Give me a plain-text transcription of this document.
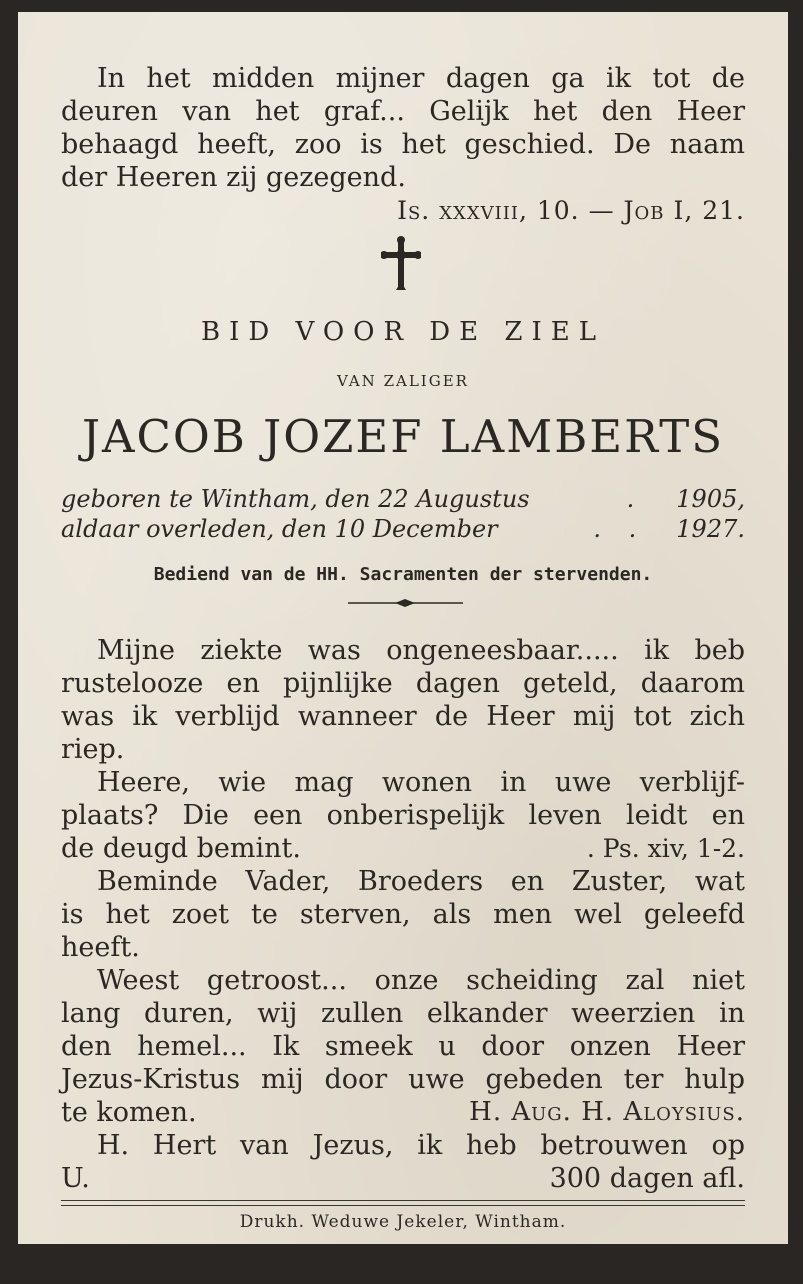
In het midden mijner dagen ga ik tot de

deuren van het graf... Gelijk het den Heer

behaagd heeft, zoo is het geschied. De naam

der Heeren zij gezegend.

Is. xxxviii, 10. — Job I, 21.
BID VOOR DE ZIEL
VAN ZALIGER
JACOB JOZEF LAMBERTS
geboren te Wintham, den 22 Augustus	. 1905,
aldaar overleden, den 10 December	. . 1927.
Bediend van de HH. Sacramenten der stervenden.

Mijne ziekte was ongeneesbaar..... ik beb

rustelooze en pijnlijke dagen geteld, daarom

was ik verblijd wanneer de Heer mij tot zich

riep.

Heere, wie mag wonen in uwe verblijf-

plaats? Die een onberispelijk leven leidt en

de deugd bemint.	. Ps. xiv, 1-2.

Beminde Vader, Broeders en Zuster, wat

is het zoet te sterven, als men wel geleefd

heeft.

Weest getroost... onze scheiding zal niet

lang duren, wij zullen elkander weerzien in

den hemel... Ik smeek u door onzen Heer

Jezus-Kristus mij door uwe gebeden ter hulp

te komen.	H. Aug. H. Aloysius.

H. Hert van Jezus, ik heb betrouwen op

U.	300 dagen afl.
Drukh. Weduwe Jekeler, Wintham.
